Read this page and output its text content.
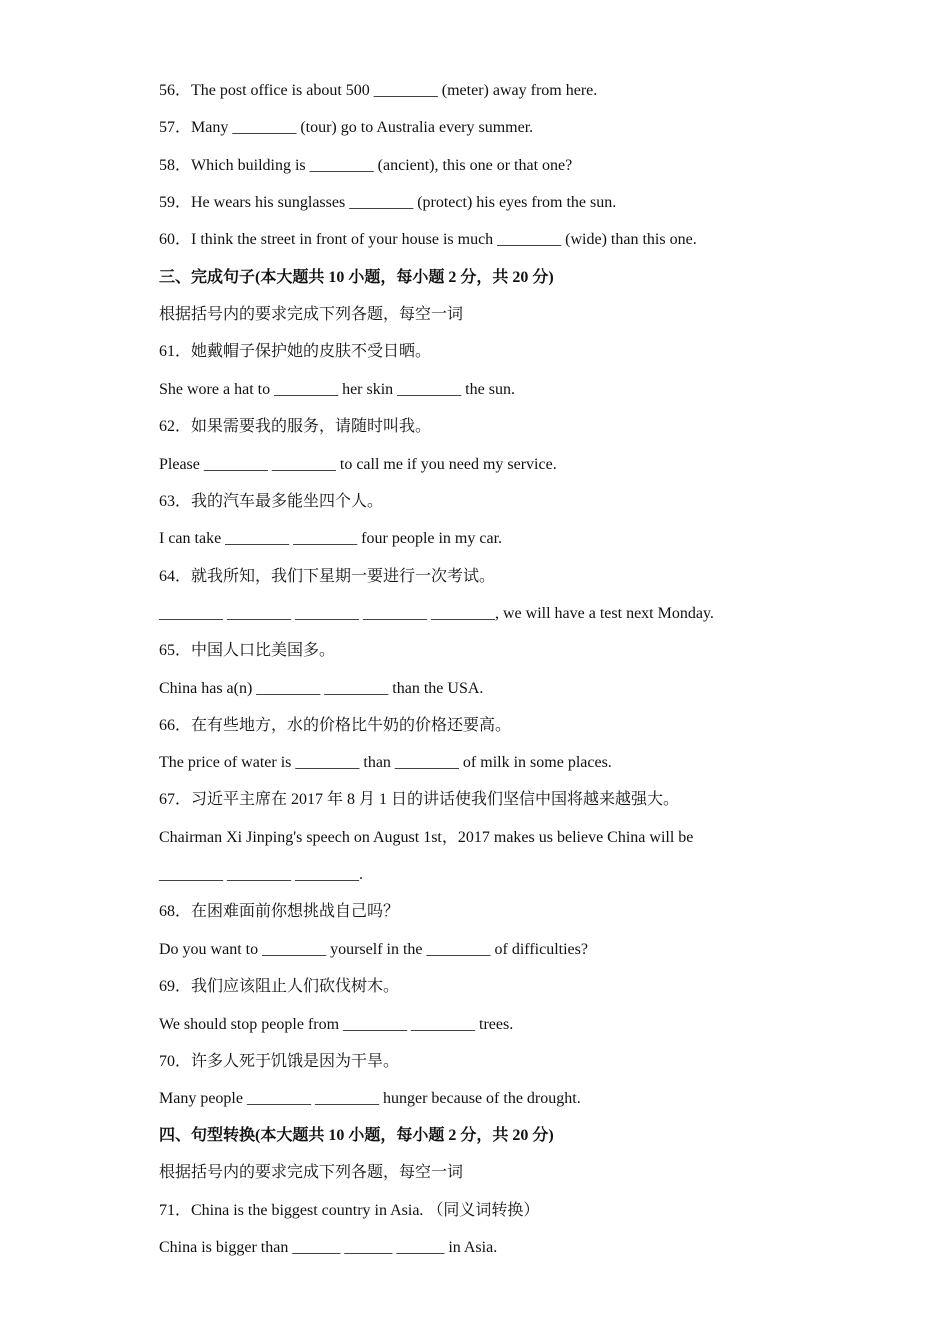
56．The post office is about 500 ________ (meter) away from here.
57．Many ________ (tour) go to Australia every summer.
58．Which building is ________ (ancient), this one or that one?
59．He wears his sunglasses ________ (protect) his eyes from the sun.
60．I think the street in front of your house is much ________ (wide) than this one.
三、完成句子(本大题共 10 小题，每小题 2 分，共 20 分)
根据括号内的要求完成下列各题，每空一词
61．她戴帽子保护她的皮肤不受日晒。
She wore a hat to ________ her skin ________ the sun.
62．如果需要我的服务，请随时叫我。
Please ________ ________ to call me if you need my service.
63．我的汽车最多能坐四个人。
I can take ________ ________ four people in my car.
64．就我所知，我们下星期一要进行一次考试。
________ ________ ________ ________ ________, we will have a test next Monday.
65．中国人口比美国多。
China has a(n) ________ ________ than the USA.
66．在有些地方，水的价格比牛奶的价格还要高。
The price of water is ________ than ________ of milk in some places.
67．习近平主席在 2017 年 8 月 1 日的讲话使我们坚信中国将越来越强大。
Chairman Xi Jinping's speech on August 1st，2017 makes us believe China will be
________ ________ ________.
68．在困难面前你想挑战自己吗？
Do you want to ________ yourself in the ________ of difficulties?
69．我们应该阻止人们砍伐树木。
We should stop people from ________ ________ trees.
70．许多人死于饥饿是因为干旱。
Many people ________ ________ hunger because of the drought.
四、句型转换(本大题共 10 小题，每小题 2 分，共 20 分)
根据括号内的要求完成下列各题，每空一词
71．China is the biggest country in Asia. （同义词转换）
China is bigger than ______ ______ ______ in Asia.
